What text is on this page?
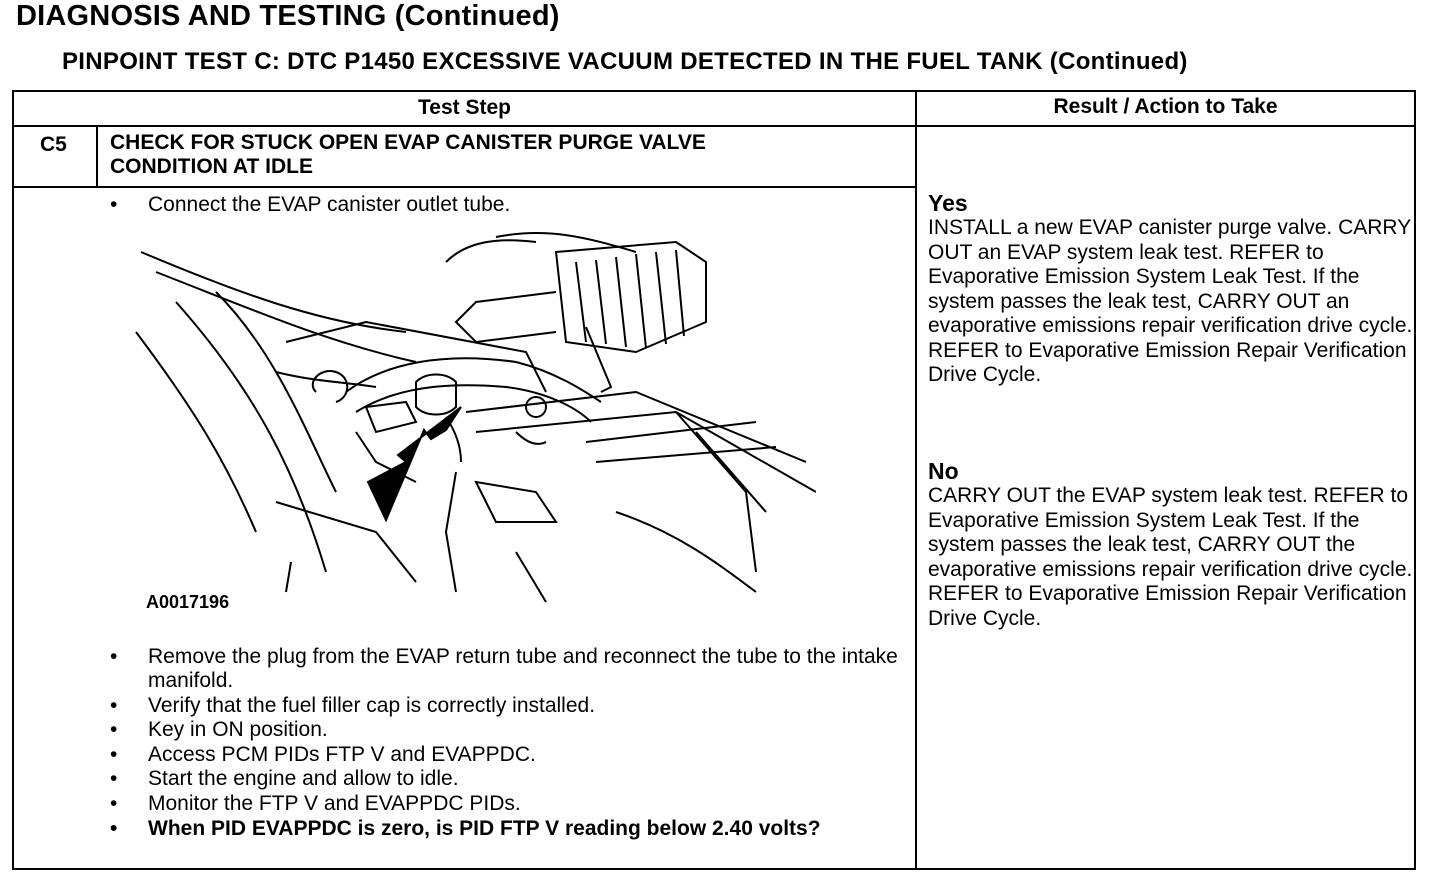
DIAGNOSIS AND TESTING (Continued)
PINPOINT TEST C: DTC P1450 EXCESSIVE VACUUM DETECTED IN THE FUEL TANK (Continued)
Test Step	Result / Action to Take
C5 CHECK FOR STUCK OPEN EVAP CANISTER PURGE VALVE
CONDITION AT IDLE
• Connect the EVAP canister outlet tube.
A0017196
• Remove the plug from the EVAP return tube and reconnect the tube to the intake manifold.
• Verify that the fuel filler cap is correctly installed.
• Key in ON position.
• Access PCM PIDs FTP V and EVAPPDC.
• Start the engine and allow to idle.
• Monitor the FTP V and EVAPPDC PIDs.
• When PID EVAPPDC is zero, is PID FTP V reading below 2.40 volts?
Yes
INSTALL a new EVAP canister purge valve. CARRY OUT an EVAP system leak test. REFER to Evaporative Emission System Leak Test. If the system passes the leak test, CARRY OUT an evaporative emissions repair verification drive cycle. REFER to Evaporative Emission Repair Verification Drive Cycle.
No
CARRY OUT the EVAP system leak test. REFER to Evaporative Emission System Leak Test. If the system passes the leak test, CARRY OUT the evaporative emissions repair verification drive cycle. REFER to Evaporative Emission Repair Verification Drive Cycle.
